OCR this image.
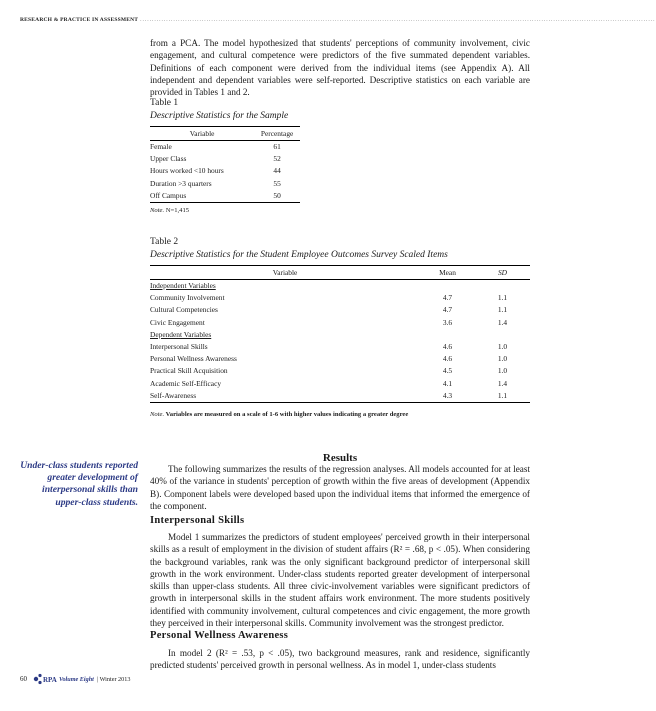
RESEARCH & PRACTICE IN ASSESSMENT .........................................................................................................................................................................................................................

from a PCA. The model hypothesized that students' perceptions of community involvement, civic engagement, and cultural competence were predictors of the five summated dependent variables. Definitions of each component were derived from the individual items (see Appendix A). All independent and dependent variables were self-reported. Descriptive statistics on each variable are provided in Tables 1 and 2.

Table 1
Descriptive Statistics for the Sample
Variable	Percentage
Female	61
Upper Class	52
Hours worked <10 hours	44
Duration >3 quarters	55
Off Campus	50
Note. N=1,415
Table 2
Descriptive Statistics for the Student Employee Outcomes Survey Scaled Items
Variable	Mean	SD
Independent Variables		
Community Involvement	4.7	1.1
Cultural Competencies	4.7	1.1
Civic Engagement	3.6	1.4
Dependent Variables		
Interpersonal Skills	4.6	1.0
Personal Wellness Awareness	4.6	1.0
Practical Skill Acquisition	4.5	1.0
Academic Self-Efficacy	4.1	1.4
Self-Awareness	4.3	1.1
Note. Variables are measured on a scale of 1-6 with higher values indicating a greater degree
Results
Under-class students reported greater development of interpersonal skills than upper-class students.

The following summarizes the results of the regression analyses. All models accounted for at least 40% of the variance in students' perception of growth within the five areas of development (Appendix B). Component labels were developed based upon the individual items that informed the emergence of the component.

Interpersonal Skills

Model 1 summarizes the predictors of student employees' perceived growth in their interpersonal skills as a result of employment in the division of student affairs (R² = .68, p < .05). When considering the background variables, rank was the only significant background predictor of interpersonal skill growth in the work environment. Under-class students reported greater development of interpersonal skills than upper-class students. All three civic-involvement variables were significant predictors of growth in interpersonal skills in the student affairs work environment. The more students positively identified with community involvement, cultural competences and civic engagement, the more growth they perceived in their interpersonal skills. Community involvement was the strongest predictor.

Personal Wellness Awareness

In model 2 (R² = .53, p < .05), two background measures, rank and residence, significantly predicted students' perceived growth in personal wellness. As in model 1, under-class students

60 R PA Volume Eight | Winter 2013
